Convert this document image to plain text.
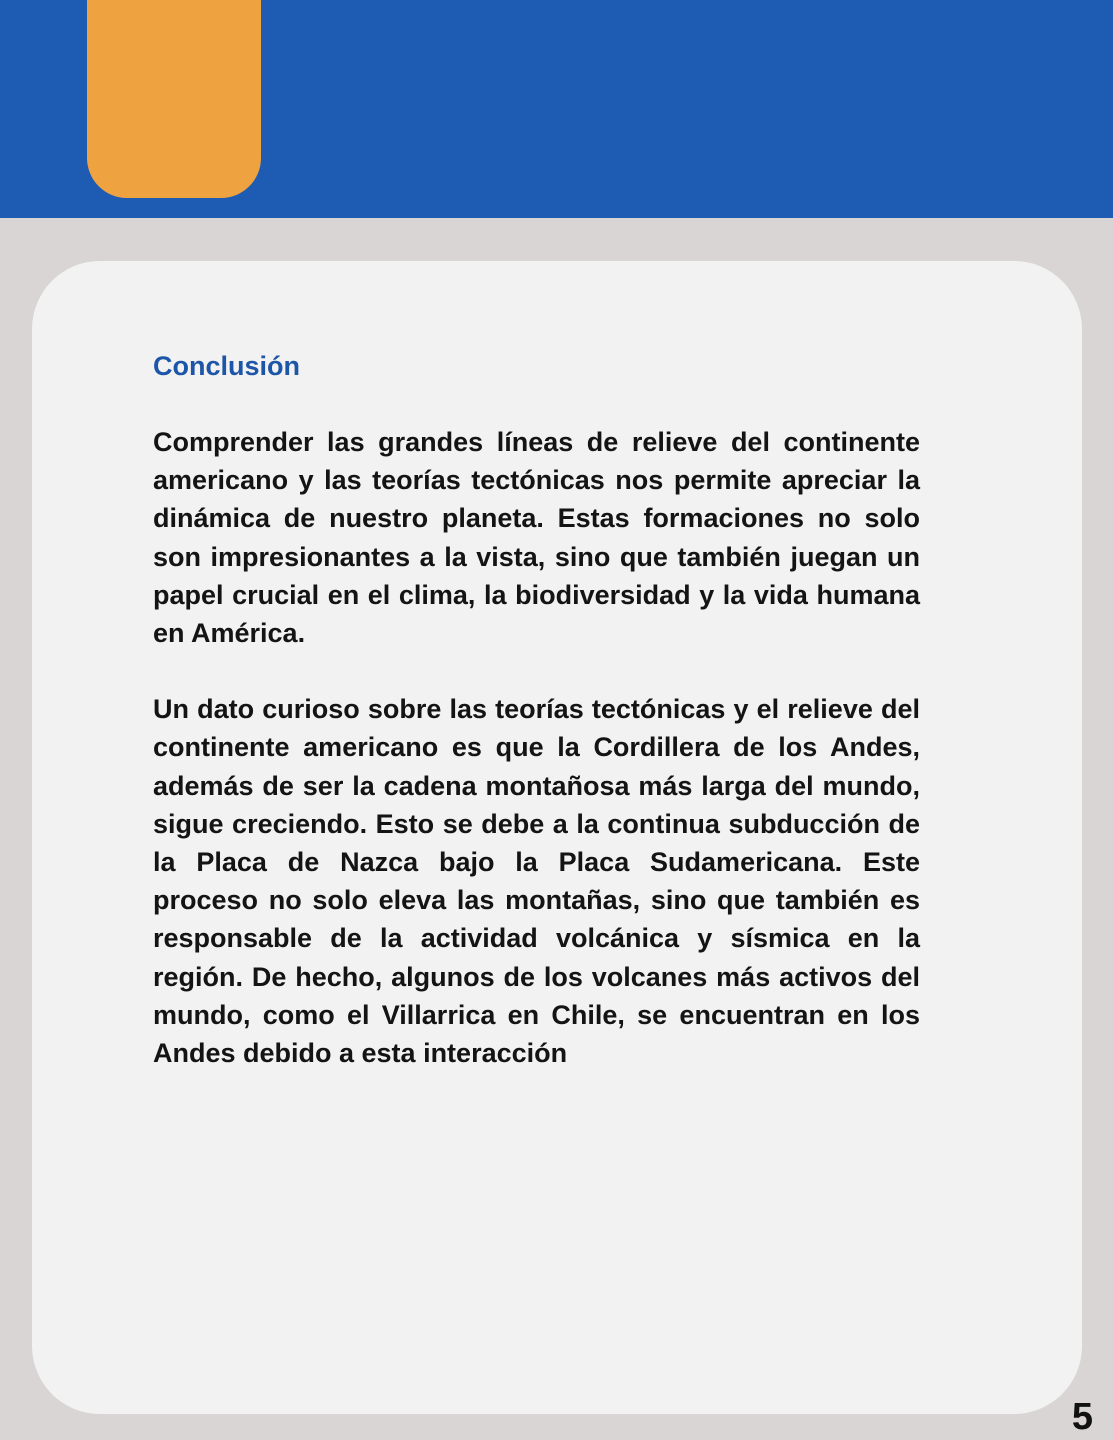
Conclusión

Comprender las grandes líneas de relieve del continente americano y las teorías tectónicas nos permite apreciar la dinámica de nuestro planeta. Estas formaciones no solo son impresionantes a la vista, sino que también juegan un papel crucial en el clima, la biodiversidad y la vida humana en América.

Un dato curioso sobre las teorías tectónicas y el relieve del continente americano es que la Cordillera de los Andes, además de ser la cadena montañosa más larga del mundo, sigue creciendo. Esto se debe a la continua subducción de la Placa de Nazca bajo la Placa Sudamericana. Este proceso no solo eleva las montañas, sino que también es responsable de la actividad volcánica y sísmica en la región. De hecho, algunos de los volcanes más activos del mundo, como el Villarrica en Chile, se encuentran en los Andes debido a esta interacción

5
